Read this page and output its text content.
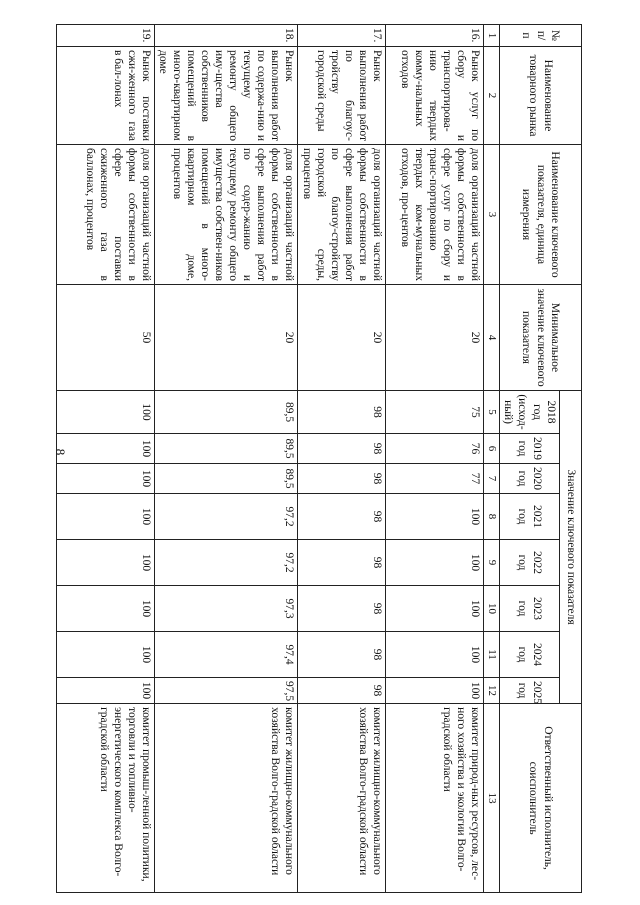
8
№ п/п	Наименование товарного рынка	Наименование ключевого показателя, единица измерения	Минимальное значение ключевого показателя	Значение ключевого показателя								Ответственный исполнитель, соисполнитель
				2018 год (исход-ный)	2019 год	2020 год	2021 год	2022 год	2023 год	2024 год	2025 год	
1	2	3	4	5	6	7	8	9	10	11	12	13
16.	Рынок услуг по сбору и транспортирова-нию твердых комму-нальных отходов	доля организаций частной формы собственности в сфере услуг по сбору и транс-портированию твердых ком-мунальных отходов, про-центов	20	75	76	77	100	100	100	100	100	комитет природ-ных ресурсов, лес-ного хозяйства и экологии Волго-градской области
17.	Рынок выполнения работ по благоус-тройству городской среды	доля организаций частной формы собственности в сфере выполнения работ по благоу-стройству городской среды, процентов	20	98	98	98	98	98	98	98	98	комитет жилищно-коммунального хозяйства Волго-градской области
18.	Рынок выполнения работ по содержа-нию и текущему ремонту общего иму-щества собственников помещений в много-квартирном доме	доля организаций частной формы собственности в сфере выполнения работ по содер-жанию и текущему ремонту общего имущества собствен-ников помещений в много-квартирном доме, процентов	20	89,5	89,5	89,5	97,2	97,2	97,3	97,4	97,5	комитет жилищно-коммунального хозяйства Волго-градской области
19.	Рынок поставки сжи-женного газа в бал-лонах	доля организаций частной формы собственности в сфере поставки сжиженного газа в баллонах, процентов	50	100	100	100	100	100	100	100	100	комитет промыш-ленной политики, торговли и топливно-энергетического комплекса Волго-градской области
